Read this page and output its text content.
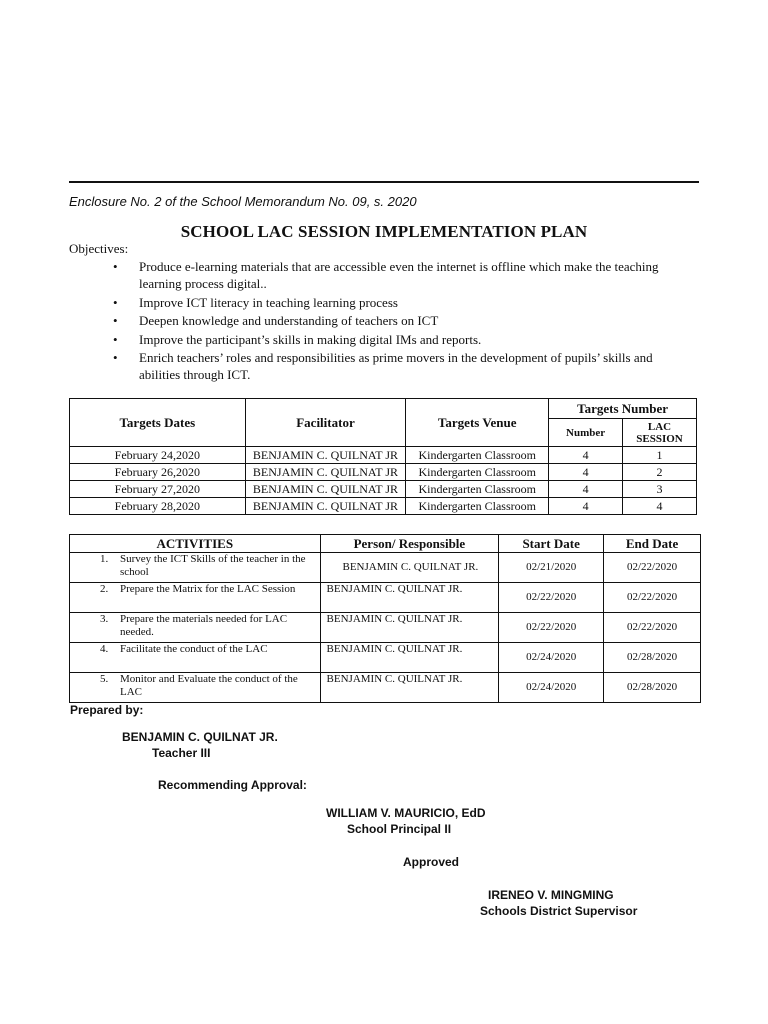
Enclosure No. 2 of the School Memorandum No. 09, s. 2020
SCHOOL LAC SESSION IMPLEMENTATION PLAN
Objectives:
• Produce e-learning materials that are accessible even the internet is offline which make the teaching learning process digital..
• Improve ICT literacy in teaching learning process
• Deepen knowledge and understanding of teachers on ICT
• Improve the participant’s skills in making digital IMs and reports.
• Enrich teachers’ roles and responsibilities as prime movers in the development of pupils’ skills and abilities through ICT.
Targets Dates	Facilitator	Targets Venue	Targets Number	
			Number	LAC SESSION
February 24,2020	BENJAMIN C. QUILNAT JR	Kindergarten Classroom	4	1
February 26,2020	BENJAMIN C. QUILNAT JR	Kindergarten Classroom	4	2
February 27,2020	BENJAMIN C. QUILNAT JR	Kindergarten Classroom	4	3
February 28,2020	BENJAMIN C. QUILNAT JR	Kindergarten Classroom	4	4
ACTIVITIES	Person/ Responsible	Start Date	End Date

1. Survey the ICT Skills of the teacher in the school	BENJAMIN C. QUILNAT JR.	02/21/2020	02/22/2020

2. Prepare the Matrix for the LAC Session	BENJAMIN C. QUILNAT JR.	02/22/2020	02/22/2020

3. Prepare the materials needed for LAC needed.	BENJAMIN C. QUILNAT JR.	02/22/2020	02/22/2020

4. Facilitate the conduct of the LAC	BENJAMIN C. QUILNAT JR.	02/24/2020	02/28/2020

5. Monitor and Evaluate the conduct of the LAC	BENJAMIN C. QUILNAT JR.	02/24/2020	02/28/2020
Prepared by:
BENJAMIN C. QUILNAT JR.
Teacher III
Recommending Approval:
WILLIAM V. MAURICIO, EdD
School Principal II
Approved
IRENEO V. MINGMING
Schools District Supervisor
